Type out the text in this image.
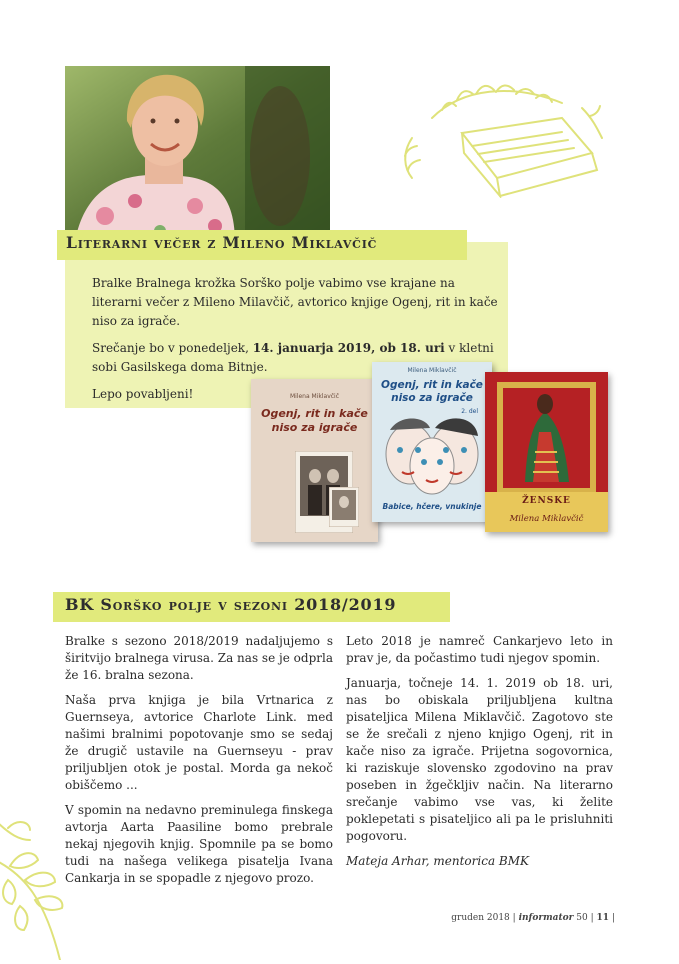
Literarni večer z Mileno Miklavčič

Bralke Bralnega krožka Sorško polje vabimo vse krajane na literarni večer z Mileno Milavčič, avtorico knjige Ogenj, rit in kače niso za igrače.

Srečanje bo v ponedeljek, 14. januarja 2019, ob 18. uri v kletni sobi Gasilskega doma Bitnje.

Lepo povabljeni!	Milena Miklavčič
Ogenj, rit in kače
niso za igrače
Milena Miklavčič
Ogenj, rit in kače
niso za igrače
2. del
Babice, hčere, vnukinje
ŽENSKE
Milena Miklavčič
BK Sorško polje v sezoni 2018/2019

Bralke s sezono 2018/2019 nadaljujemo s širitvijo bralnega virusa. Za nas se je odprla že 16. bralna sezona.

Naša prva knjiga je bila Vrtnarica z Guernseya, avtorice Charlote Link. med našimi bralnimi popotovanje smo se sedaj že drugič ustavile na Guernseyu - prav priljubljen otok je postal. Morda ga nekoč obiščemo ...

V spomin na nedavno preminulega finskega avtorja Aarta Paasiline bomo prebrale nekaj njegovih knjig. Spomnile pa se bomo tudi na našega velikega pisatelja Ivana Cankarja in se spopadle z njegovo prozo.

Leto 2018 je namreč Cankarjevo leto in prav je, da počastimo tudi njegov spomin.

Januarja, točneje 14. 1. 2019 ob 18. uri, nas bo obiskala priljubljena kultna pisateljica Milena Miklavčič. Zagotovo ste se že srečali z njeno knjigo Ogenj, rit in kače niso za igrače. Prijetna sogovornica, ki raziskuje slovensko zgodovino na prav poseben in žgečkljiv način. Na literarno srečanje vabimo vse vas, ki želite poklepetati s pisateljico ali pa le prisluhniti pogovoru.

Mateja Arhar, mentorica BMK

gruden 2018 | informator 50 | 11 |
